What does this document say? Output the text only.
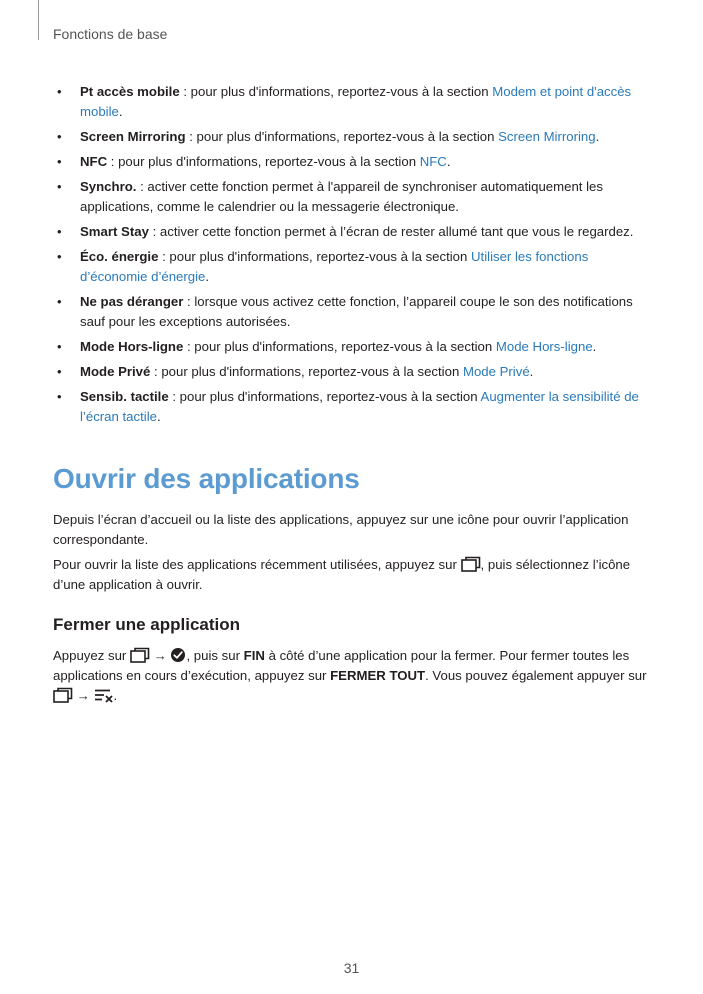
Fonctions de base

• Pt accès mobile : pour plus d'informations, reportez-vous à la section Modem et point d'accès mobile.
• Screen Mirroring : pour plus d'informations, reportez-vous à la section Screen Mirroring.
• NFC : pour plus d'informations, reportez-vous à la section NFC.
• Synchro. : activer cette fonction permet à l'appareil de synchroniser automatiquement les applications, comme le calendrier ou la messagerie électronique.
• Smart Stay : activer cette fonction permet à l’écran de rester allumé tant que vous le regardez.
• Éco. énergie : pour plus d'informations, reportez-vous à la section Utiliser les fonctions d’économie d’énergie.
• Ne pas déranger : lorsque vous activez cette fonction, l’appareil coupe le son des notifications sauf pour les exceptions autorisées.
• Mode Hors-ligne : pour plus d'informations, reportez-vous à la section Mode Hors-ligne.
• Mode Privé : pour plus d'informations, reportez-vous à la section Mode Privé.
• Sensib. tactile : pour plus d'informations, reportez-vous à la section Augmenter la sensibilité de l’écran tactile.
Ouvrir des applications

Depuis l’écran d’accueil ou la liste des applications, appuyez sur une icône pour ouvrir l’application correspondante.

Pour ouvrir la liste des applications récemment utilisées, appuyez sur , puis sélectionnez l’icône d’une application à ouvrir.

Fermer une application

Appuyez sur  → , puis sur FIN à côté d’une application pour la fermer. Pour fermer toutes les applications en cours d’exécution, appuyez sur FERMER TOUT. Vous pouvez également appuyer sur
→ .

31
